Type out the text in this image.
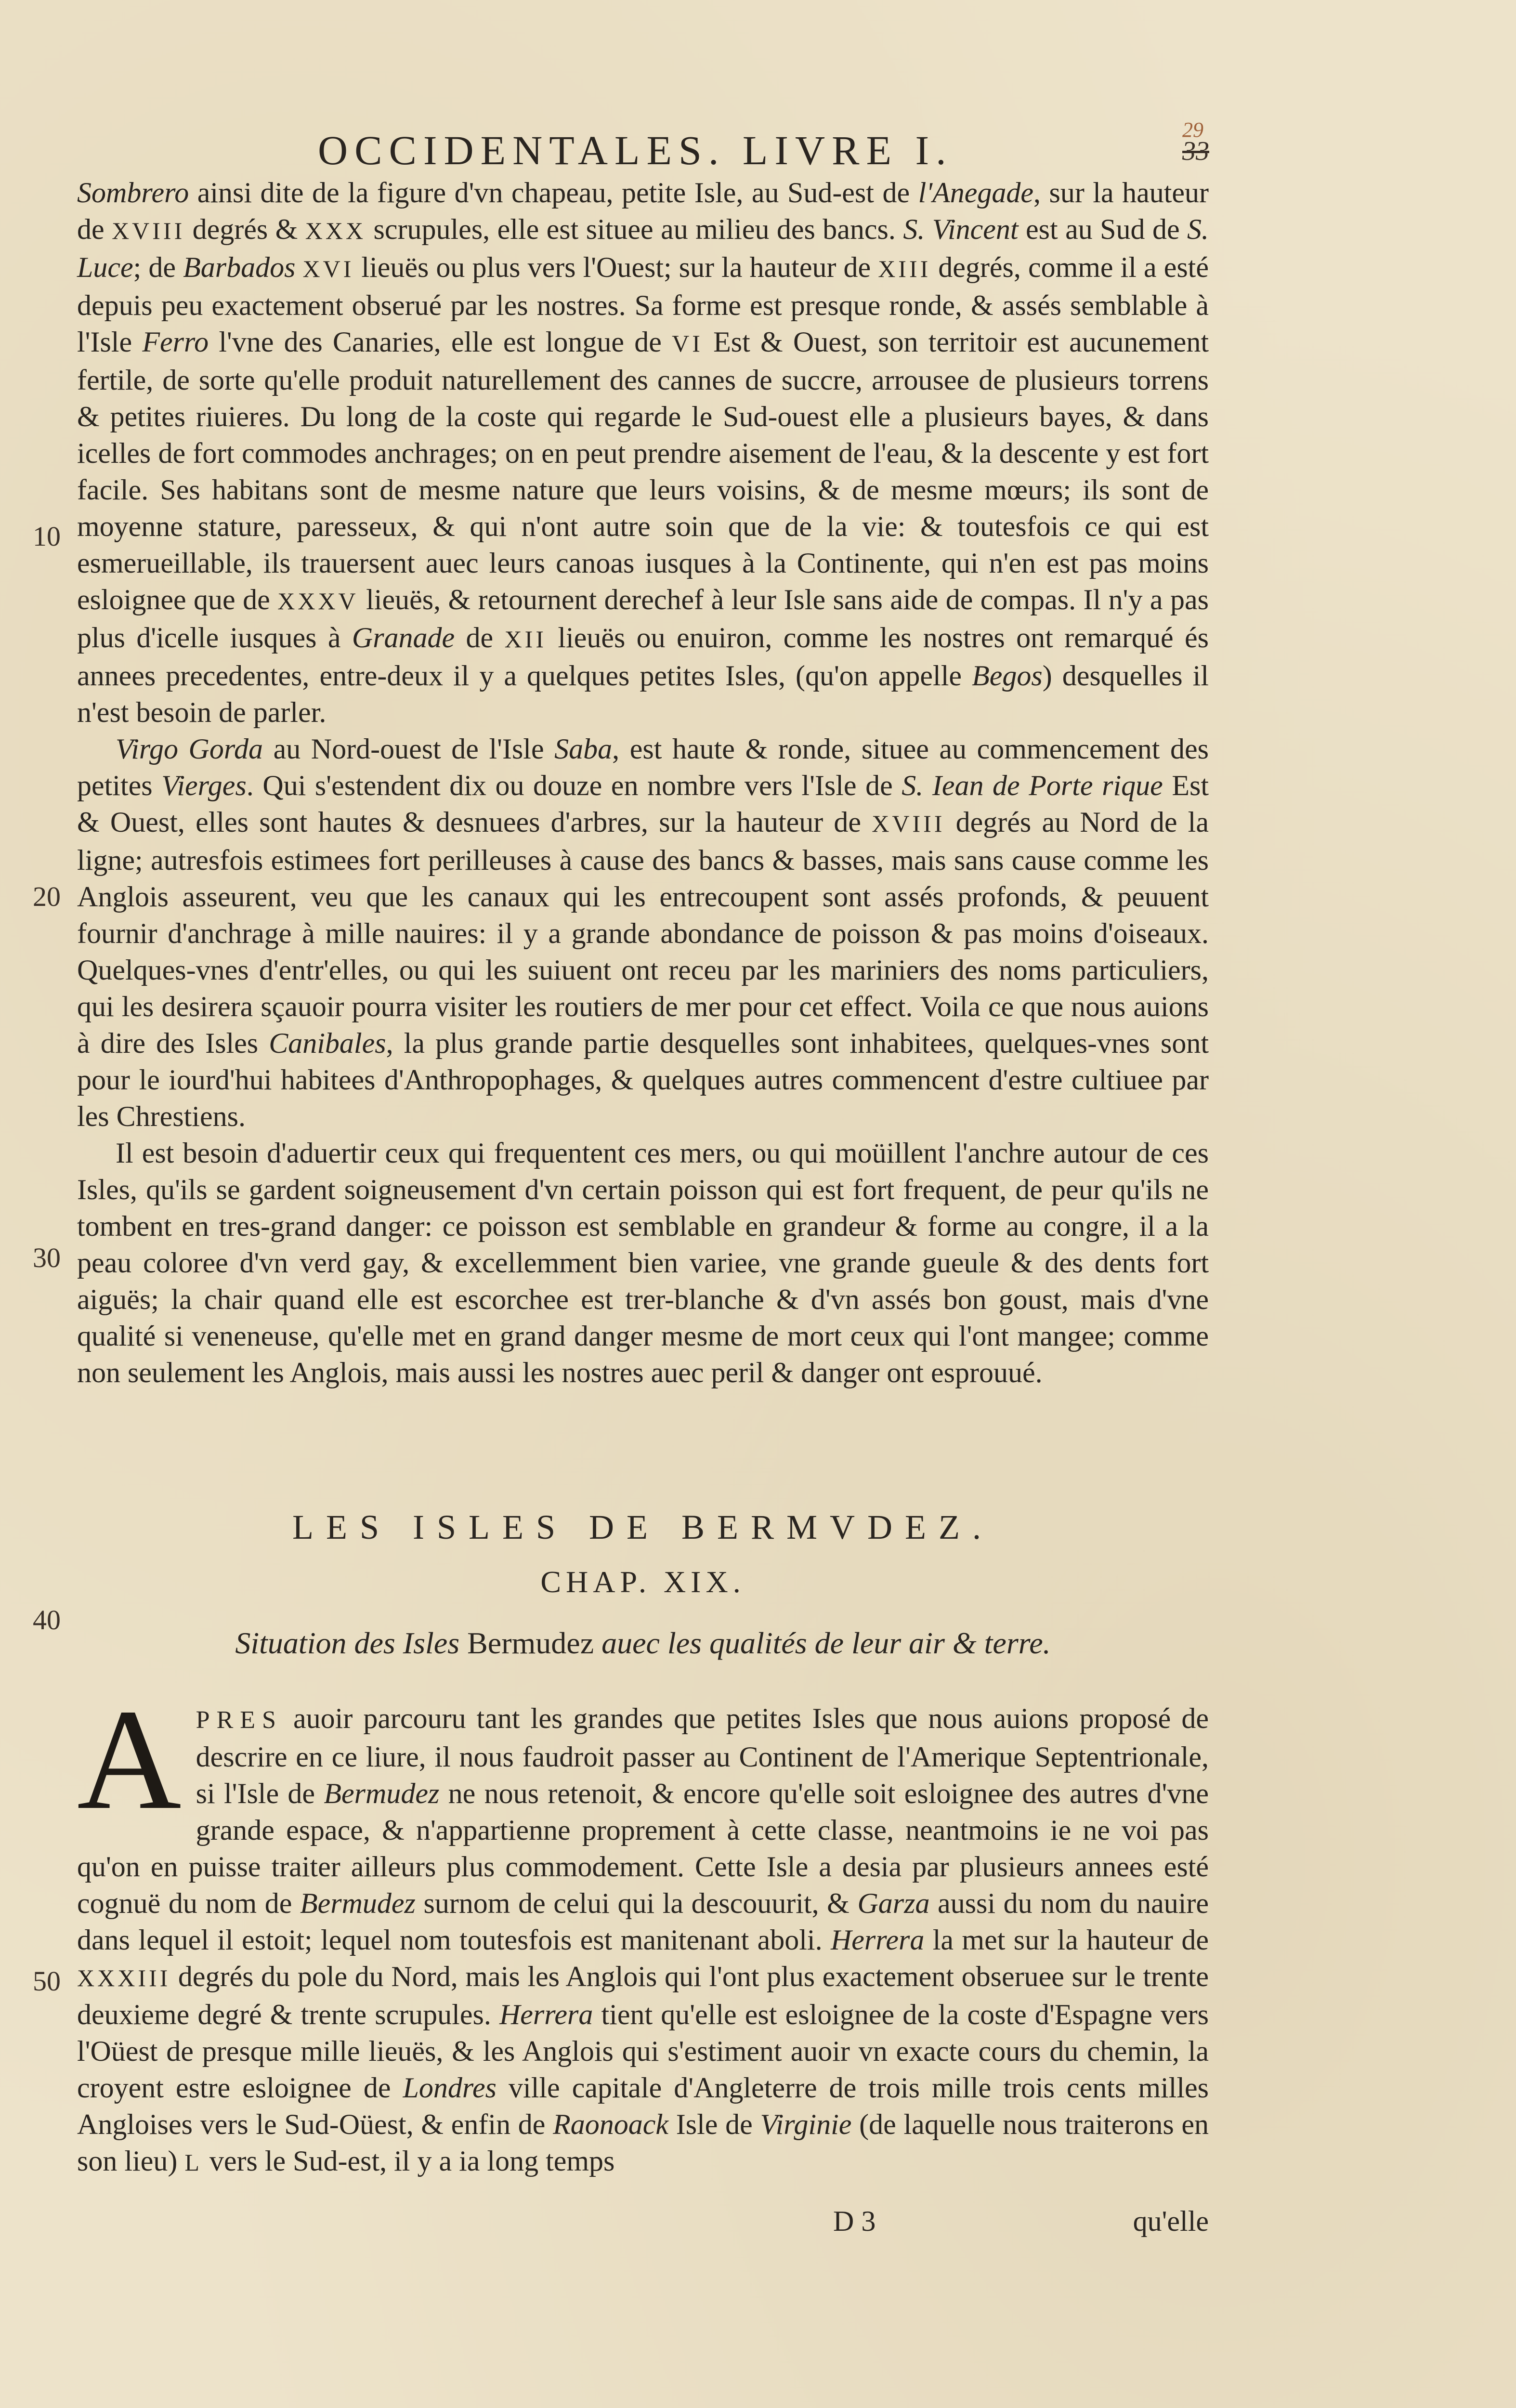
OCCIDENTALES. LIVRE I.	29
33
10
20
30
40
50

Sombrero ainsi dite de la figure d'vn chapeau, petite Isle, au Sud-est de l'Anegade, sur la hauteur de XVIII degrés & XXX scrupules, elle est situee au milieu des bancs. S. Vincent est au Sud de S. Luce; de Barbados XVI lieuës ou plus vers l'Ouest; sur la hauteur de XIII degrés, comme il a esté depuis peu exactement obserué par les nostres. Sa forme est presque ronde, & assés semblable à l'Isle Ferro l'vne des Canaries, elle est longue de VI Est & Ouest, son territoir est aucunement fertile, de sorte qu'elle produit naturellement des cannes de succre, arrousee de plusieurs torrens & petites riuieres. Du long de la coste qui regarde le Sud-ouest elle a plusieurs bayes, & dans icelles de fort commodes anchrages; on en peut prendre aisement de l'eau, & la descente y est fort facile. Ses habitans sont de mesme nature que leurs voisins, & de mesme mœurs; ils sont de moyenne stature, paresseux, & qui n'ont autre soin que de la vie: & toutesfois ce qui est esmerueillable, ils trauersent auec leurs canoas iusques à la Continente, qui n'en est pas moins esloignee que de XXXV lieuës, & retournent derechef à leur Isle sans aide de compas. Il n'y a pas plus d'icelle iusques à Granade de XII lieuës ou enuiron, comme les nostres ont remarqué és annees precedentes, entre-deux il y a quelques petites Isles, (qu'on appelle Begos) desquelles il n'est besoin de parler.

Virgo Gorda au Nord-ouest de l'Isle Saba, est haute & ronde, situee au commencement des petites Vierges. Qui s'estendent dix ou douze en nombre vers l'Isle de S. Iean de Porte rique Est & Ouest, elles sont hautes & desnuees d'arbres, sur la hauteur de XVIII degrés au Nord de la ligne; autresfois estimees fort perilleuses à cause des bancs & basses, mais sans cause comme les Anglois asseurent, veu que les canaux qui les entrecoupent sont assés profonds, & peuuent fournir d'anchrage à mille nauires: il y a grande abondance de poisson & pas moins d'oiseaux. Quelques-vnes d'entr'elles, ou qui les suiuent ont receu par les mariniers des noms particuliers, qui les desirera sçauoir pourra visiter les routiers de mer pour cet effect. Voila ce que nous auions à dire des Isles Canibales, la plus grande partie desquelles sont inhabitees, quelques-vnes sont pour le iourd'hui habitees d'Anthropophages, & quelques autres commencent d'estre cultiuee par les Chrestiens.

Il est besoin d'aduertir ceux qui frequentent ces mers, ou qui moüillent l'anchre autour de ces Isles, qu'ils se gardent soigneusement d'vn certain poisson qui est fort frequent, de peur qu'ils ne tombent en tres-grand danger: ce poisson est semblable en grandeur & forme au congre, il a la peau coloree d'vn verd gay, & excellemment bien variee, vne grande gueule & des dents fort aiguës; la chair quand elle est escorchee est trer-blanche & d'vn assés bon goust, mais d'vne qualité si veneneuse, qu'elle met en grand danger mesme de mort ceux qui l'ont mangee; comme non seulement les Anglois, mais aussi les nostres auec peril & danger ont esprouué.

LES ISLES DE BERMVDEZ.
CHAP. XIX.
Situation des Isles Bermudez auec les qualités de leur air & terre.

APRES auoir parcouru tant les grandes que petites Isles que nous auions proposé de descrire en ce liure, il nous faudroit passer au Continent de l'Amerique Septentrionale, si l'Isle de Bermudez ne nous retenoit, & encore qu'elle soit esloignee des autres d'vne grande espace, & n'appartienne proprement à cette classe, neantmoins ie ne voi pas qu'on en puisse traiter ailleurs plus commodement. Cette Isle a desia par plusieurs annees esté cognuë du nom de Bermudez surnom de celui qui la descouurit, & Garza aussi du nom du nauire dans lequel il estoit; lequel nom toutesfois est manitenant aboli. Herrera la met sur la hauteur de XXXIII degrés du pole du Nord, mais les Anglois qui l'ont plus exactement obseruee sur le trente deuxieme degré & trente scrupules. Herrera tient qu'elle est esloignee de la coste d'Espagne vers l'Oüest de presque mille lieuës, & les Anglois qui s'estiment auoir vn exacte cours du chemin, la croyent estre esloignee de Londres ville capitale d'Angleterre de trois mille trois cents milles Angloises vers le Sud-Oüest, & enfin de Raonoack Isle de Virginie (de laquelle nous traiterons en son lieu) L vers le Sud-est, il y a ia long temps

D 3	qu'elle
